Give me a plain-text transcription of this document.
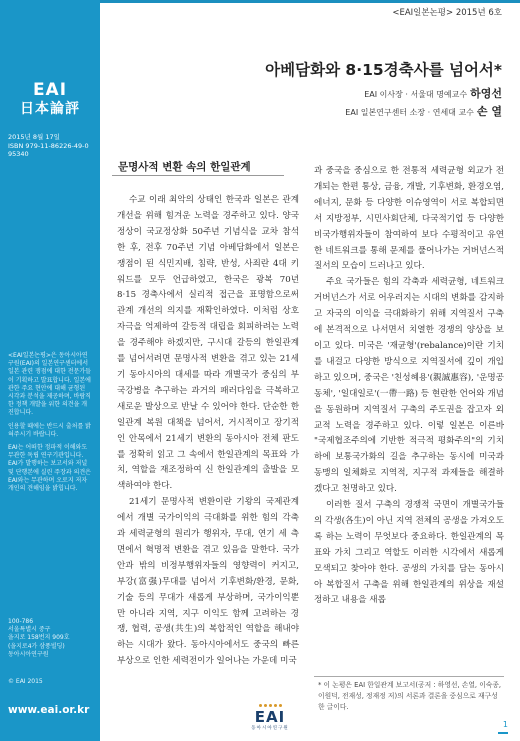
<EAI일본논평> 2015년 6호
EAI
日本論評
2015년 8월 17일
ISBN 979-11-86226-49-0
95340
<EAI일본논평>은 동아시아연구원(EAI)의 일본연구센터에서 일본 관련 쟁점에 대한 전문가들이 기획하고 발표합니다. 일본에 관한 주요 현안에 대해 균형된 시각과 분석을 제공하며, 바람직한 정책 개발을 위한 의견을 개진합니다.
인용할 때에는 반드시 출처를 밝혀주시기 바랍니다.
EAI는 어떠한 정파적 이해와도 무관한 독립 연구기관입니다. EAI가 발행하는 보고서와 저널 및 단행본에 실린 주장과 의견은 EAI와는 무관하며 오로지 저자 개인의 견해임을 밝힙니다.
100-786
서울특별시 중구
을지로 158번지 909호
(을지로4가 삼풍빌딩)
동아시아연구원
© EAI 2015
www.eai.or.kr
아베담화와 8·15경축사를 넘어서*
EAI 이사장 · 서울대 명예교수 하영선
EAI 일본연구센터 소장 · 연세대 교수 손 열
문명사적 변환 속의 한일관계

수교 이래 최악의 상태인 한국과 일본은 관계 개선을 위해 힘겨운 노력을 경주하고 있다. 양국 정상이 국교정상화 50주년 기념식을 교차 참석한 후, 전후 70주년 기념 아베담화에서 일본은 쟁점이 된 식민지배, 침략, 반성, 사죄란 4대 키워드를 모두 언급하였고, 한국은 광복 70년 8·15 경축사에서 실리적 접근을 표명함으로써 관계 개선의 의지를 재확인하였다. 이처럼 상호 자극을 억제하여 갈등적 대립을 회피하려는 노력을 경주해야 하겠지만, 구시대 갈등의 한일관계를 넘어서려면 문명사적 변환을 겪고 있는 21세기 동아시아의 대세를 따라 개별국가 중심의 부국강병을 추구하는 과거의 패러다임을 극복하고 새로운 발상으로 반날 수 있어야 한다. 단순한 한일관계 복원 대책을 넘어서, 거시적이고 장기적인 안목에서 21세기 변환의 동아시아 전체 판도를 정확히 읽고 그 속에서 한일관계의 목표와 가치, 역할을 재조정하여 신 한일관계의 출발을 모색하여야 한다.

21세기 문명사적 변환이란 기왕의 국제관계에서 개별 국가이익의 극대화를 위한 힘의 각축과 세력균형의 원리가 행위자, 무대, 연기 세 측면에서 혁명적 변환을 겪고 있음을 말한다. 국가 안과 밖의 비정부행위자들의 영향력이 커지고, 부강(富强)무대를 넘어서 기후변화/환경, 문화, 기술 등의 무대가 새롭게 부상하며, 국가이익뿐만 아니라 지역, 지구 이익도 함께 고려하는 경쟁, 협력, 공생(共生)의 복합적인 역할을 해내야 하는 시대가 왔다. 동아시아에서도 중국의 빠른 부상으로 인한 세력전이가 일어나는 가운데 미국

과 중국을 중심으로 한 전통적 세력균형 외교가 전개되는 한편 통상, 금융, 개발, 기후변화, 환경오염, 에너지, 문화 등 다양한 이슈영역이 서로 복합되면서 지방정부, 시민사회단체, 다국적기업 등 다양한 비국가행위자들이 참여하여 보다 수평적이고 유연한 네트워크를 통해 문제를 풀어나가는 거버넌스적 질서의 모습이 드러나고 있다.

주요 국가들은 힘의 각축과 세력균형, 네트워크 거버넌스가 서로 어우러지는 시대의 변화를 감지하고 자국의 이익을 극대화하기 위해 지역질서 구축에 본격적으로 나서면서 치열한 경쟁의 양상을 보이고 있다. 미국은 '재균형'(rebalance)이란 기치를 내걸고 다양한 방식으로 지역질서에 깊이 개입하고 있으며, 중국은 '친성혜용'(親誠惠容), '운명공동체', '일대일로'(一帶一路) 등 현란한 언어와 개념을 동원하며 지역질서 구축의 주도권을 잡고자 외교적 노력을 경주하고 있다. 이렇 일본은 이른바 "국제협조주의에 기반한 적극적 평화주의"의 기치 하에 보통국가화의 길을 추구하는 동시에 미국과 동맹의 일체화로 지역적, 지구적 과제들을 해결하겠다고 천명하고 있다.

이러한 질서 구축의 경쟁적 국면이 개별국가들의 각생(各生)이 아닌 지역 전체의 공생을 가져오도록 하는 노력이 무엇보다 중요하다. 한일관계의 목표와 가치 그리고 역할도 이러한 시각에서 새롭게 모색되고 찾아야 한다. 공생의 가치를 담는 동아시아 복합질서 구축을 위해 한일관계의 위상을 재설정하고 내용을 새롭

* 이 논평은 EAI 한일관계 보고서(공저 : 하영선, 손열, 이숙종, 이원덕, 전재성, 정재정 저)의 서론과 결론을 중심으로 재구성한 글이다.
EAI
동아시아연구원	1
